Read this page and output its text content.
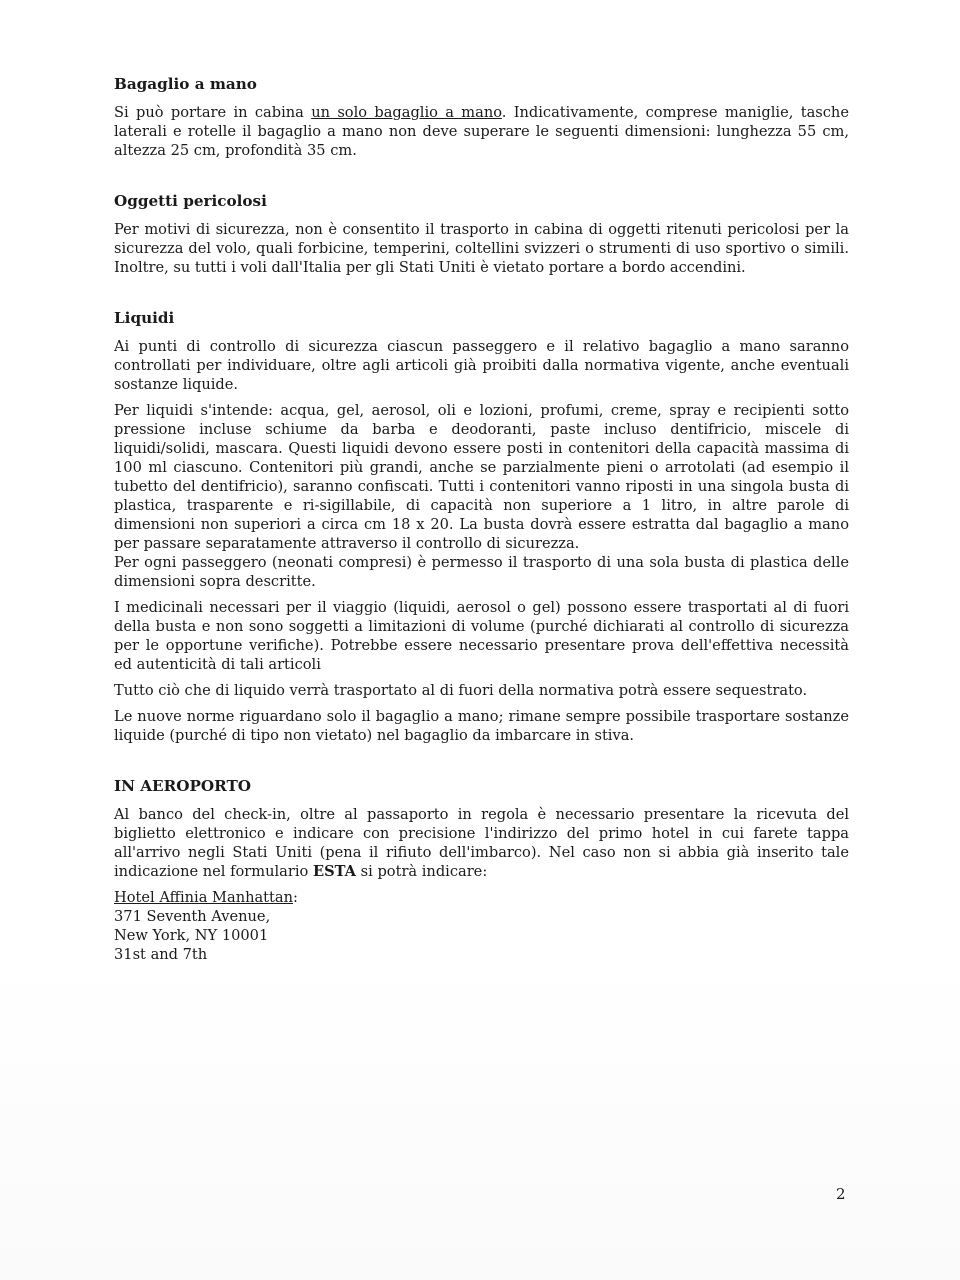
Bagaglio a mano

Si può portare in cabina un solo bagaglio a mano. Indicativamente, comprese maniglie, tasche laterali e rotelle il bagaglio a mano non deve superare le seguenti dimensioni: lunghezza 55 cm, altezza 25 cm, profondità 35 cm.

Oggetti pericolosi

Per motivi di sicurezza, non è consentito il trasporto in cabina di oggetti ritenuti pericolosi per la sicurezza del volo, quali forbicine, temperini, coltellini svizzeri o strumenti di uso sportivo o simili. Inoltre, su tutti i voli dall'Italia per gli Stati Uniti è vietato portare a bordo accendini.

Liquidi

Ai punti di controllo di sicurezza ciascun passeggero e il relativo bagaglio a mano saranno controllati per individuare, oltre agli articoli già proibiti dalla normativa vigente, anche eventuali sostanze liquide.

Per liquidi s'intende: acqua, gel, aerosol, oli e lozioni, profumi, creme, spray e recipienti sotto pressione incluse schiume da barba e deodoranti, paste incluso dentifricio, miscele di liquidi/solidi, mascara. Questi liquidi devono essere posti in contenitori della capacità massima di 100 ml ciascuno. Contenitori più grandi, anche se parzialmente pieni o arrotolati (ad esempio il tubetto del dentifricio), saranno confiscati. Tutti i contenitori vanno riposti in una singola busta di plastica, trasparente e ri-sigillabile, di capacità non superiore a 1 litro, in altre parole di dimensioni non superiori a circa cm 18 x 20. La busta dovrà essere estratta dal bagaglio a mano per passare separatamente attraverso il controllo di sicurezza.

Per ogni passeggero (neonati compresi) è permesso il trasporto di una sola busta di plastica delle dimensioni sopra descritte.

I medicinali necessari per il viaggio (liquidi, aerosol o gel) possono essere trasportati al di fuori della busta e non sono soggetti a limitazioni di volume (purché dichiarati al controllo di sicurezza per le opportune verifiche). Potrebbe essere necessario presentare prova dell'effettiva necessità ed autenticità di tali articoli

Tutto ciò che di liquido verrà trasportato al di fuori della normativa potrà essere sequestrato.

Le nuove norme riguardano solo il bagaglio a mano; rimane sempre possibile trasportare sostanze liquide (purché di tipo non vietato) nel bagaglio da imbarcare in stiva.

IN AEROPORTO

Al banco del check-in, oltre al passaporto in regola è necessario presentare la ricevuta del biglietto elettronico e indicare con precisione l'indirizzo del primo hotel in cui farete tappa all'arrivo negli Stati Uniti (pena il rifiuto dell'imbarco). Nel caso non si abbia già inserito tale indicazione nel formulario ESTA si potrà indicare:

Hotel Affinia Manhattan:

371 Seventh Avenue,

New York, NY 10001

31st and 7th

2
